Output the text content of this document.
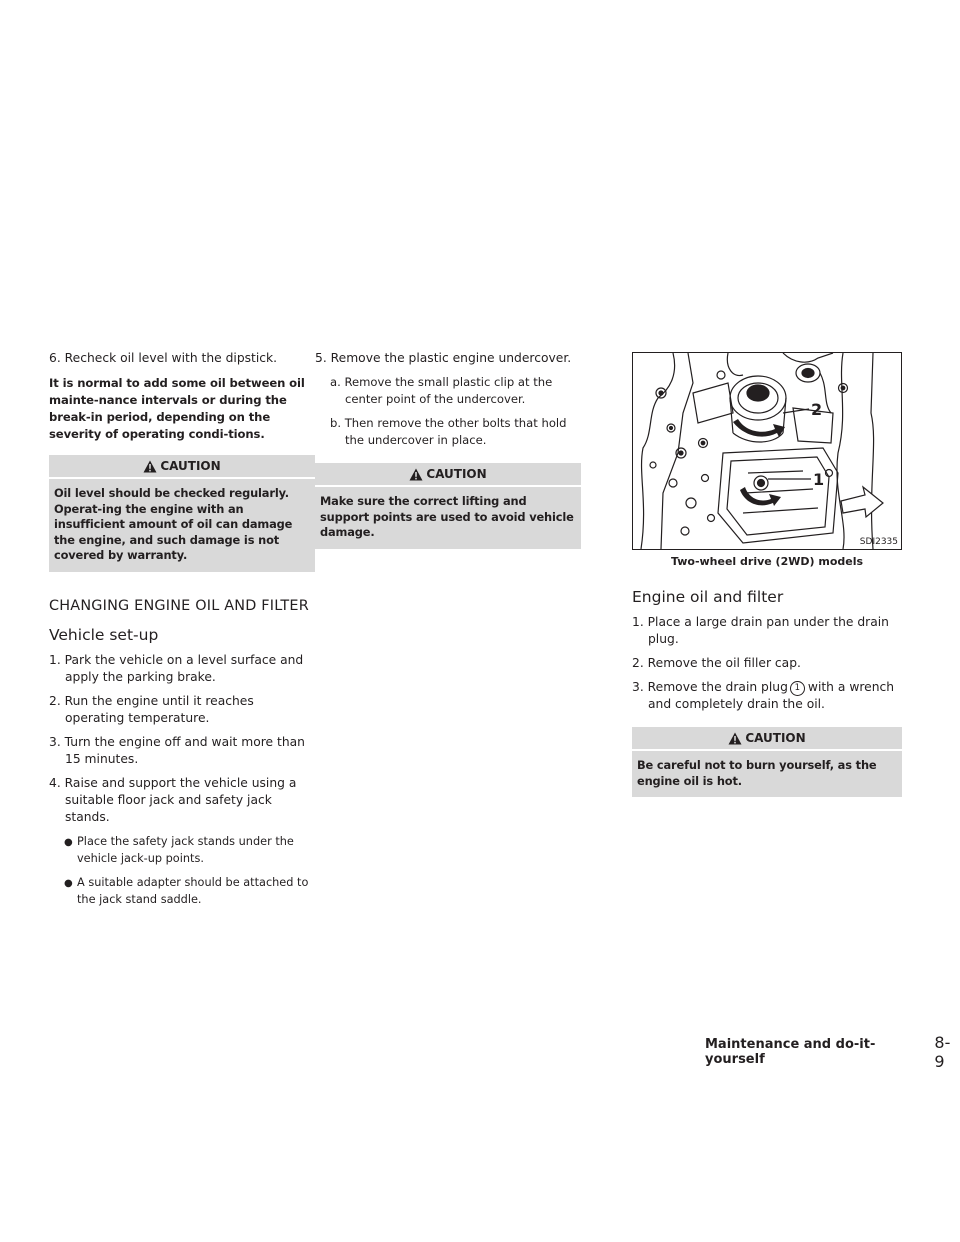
6. Recheck oil level with the dipstick.

It is normal to add some oil between oil mainte-nance intervals or during the break-in period, depending on the severity of operating condi-tions.

CAUTION

Oil level should be checked regularly. Operat-ing the engine with an insufficient amount of oil can damage the engine, and such damage is not covered by warranty.

CHANGING ENGINE OIL AND FILTER

Vehicle set-up

1. Park the vehicle on a level surface and apply the parking brake.

2. Run the engine until it reaches operating temperature.

3. Turn the engine off and wait more than 15 minutes.

4. Raise and support the vehicle using a suitable floor jack and safety jack stands.

● Place the safety jack stands under the vehicle jack-up points.

● A suitable adapter should be attached to the jack stand saddle.

5. Remove the plastic engine undercover.

a. Remove the small plastic clip at the center point of the undercover.

b. Then remove the other bolts that hold the undercover in place.

CAUTION

Make sure the correct lifting and support points are used to avoid vehicle damage.

2
1
SDI2335

Two-wheel drive (2WD) models

Engine oil and filter

1. Place a large drain pan under the drain plug.

2. Remove the oil filler cap.

3. Remove the drain plug 1 with a wrench and completely drain the oil.

CAUTION

Be careful not to burn yourself, as the engine oil is hot.

Maintenance and do-it-yourself
8-9
